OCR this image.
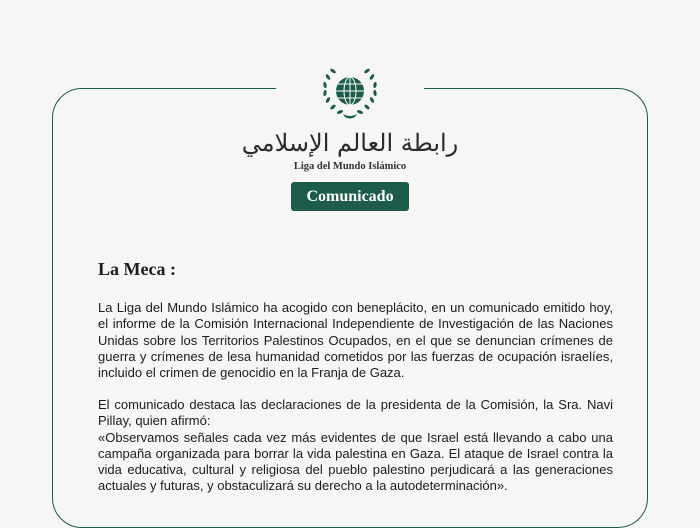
رابطة العالم الإسلامي
Liga del Mundo Islámico
Comunicado
La Meca :

La Liga del Mundo Islámico ha acogido con beneplácito, en un comunicado emitido hoy, el informe de la Comisión Internacional Independiente de Investigación de las Naciones Unidas sobre los Territorios Palestinos Ocupados, en el que se denuncian crímenes de guerra y crímenes de lesa humanidad cometidos por las fuerzas de ocupación israelíes, incluido el crimen de genocidio en la Franja de Gaza.

El comunicado destaca las declaraciones de la presidenta de la Comisión, la Sra. Navi Pillay, quien afirmó:
«Observamos señales cada vez más evidentes de que Israel está llevando a cabo una campaña organizada para borrar la vida palestina en Gaza. El ataque de Israel contra la vida educativa, cultural y religiosa del pueblo palestino perjudicará a las generaciones actuales y futuras, y obstaculizará su derecho a la autodeterminación».
